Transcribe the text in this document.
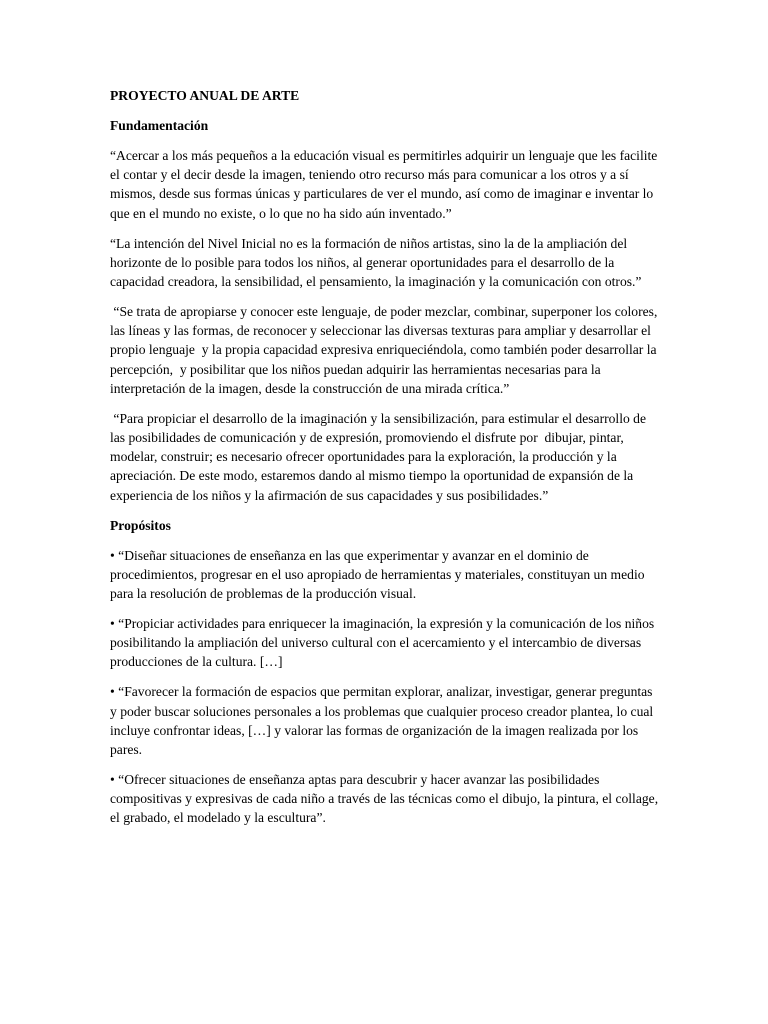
PROYECTO ANUAL DE ARTE
Fundamentación

“Acercar a los más pequeños a la educación visual es permitirles adquirir un lenguaje que les facilite el contar y el decir desde la imagen, teniendo otro recurso más para comunicar a los otros y a sí mismos, desde sus formas únicas y particulares de ver el mundo, así como de imaginar e inventar lo que en el mundo no existe, o lo que no ha sido aún inventado.”

“La intención del Nivel Inicial no es la formación de niños artistas, sino la de la ampliación del horizonte de lo posible para todos los niños, al generar oportunidades para el desarrollo de la capacidad creadora, la sensibilidad, el pensamiento, la imaginación y la comunicación con otros.”

“Se trata de apropiarse y conocer este lenguaje, de poder mezclar, combinar, superponer los colores, las líneas y las formas, de reconocer y seleccionar las diversas texturas para ampliar y desarrollar el propio lenguaje  y la propia capacidad expresiva enriqueciéndola, como también poder desarrollar la percepción,  y posibilitar que los niños puedan adquirir las herramientas necesarias para la interpretación de la imagen, desde la construcción de una mirada crítica.”

“Para propiciar el desarrollo de la imaginación y la sensibilización, para estimular el desarrollo de las posibilidades de comunicación y de expresión, promoviendo el disfrute por  dibujar, pintar, modelar, construir; es necesario ofrecer oportunidades para la exploración, la producción y la apreciación. De este modo, estaremos dando al mismo tiempo la oportunidad de expansión de la experiencia de los niños y la afirmación de sus capacidades y sus posibilidades.”

Propósitos

• “Diseñar situaciones de enseñanza en las que experimentar y avanzar en el dominio de procedimientos, progresar en el uso apropiado de herramientas y materiales, constituyan un medio para la resolución de problemas de la producción visual.

• “Propiciar actividades para enriquecer la imaginación, la expresión y la comunicación de los niños posibilitando la ampliación del universo cultural con el acercamiento y el intercambio de diversas producciones de la cultura. […]

• “Favorecer la formación de espacios que permitan explorar, analizar, investigar, generar preguntas y poder buscar soluciones personales a los problemas que cualquier proceso creador plantea, lo cual incluye confrontar ideas, […] y valorar las formas de organización de la imagen realizada por los pares.

• “Ofrecer situaciones de enseñanza aptas para descubrir y hacer avanzar las posibilidades compositivas y expresivas de cada niño a través de las técnicas como el dibujo, la pintura, el collage, el grabado, el modelado y la escultura”.
